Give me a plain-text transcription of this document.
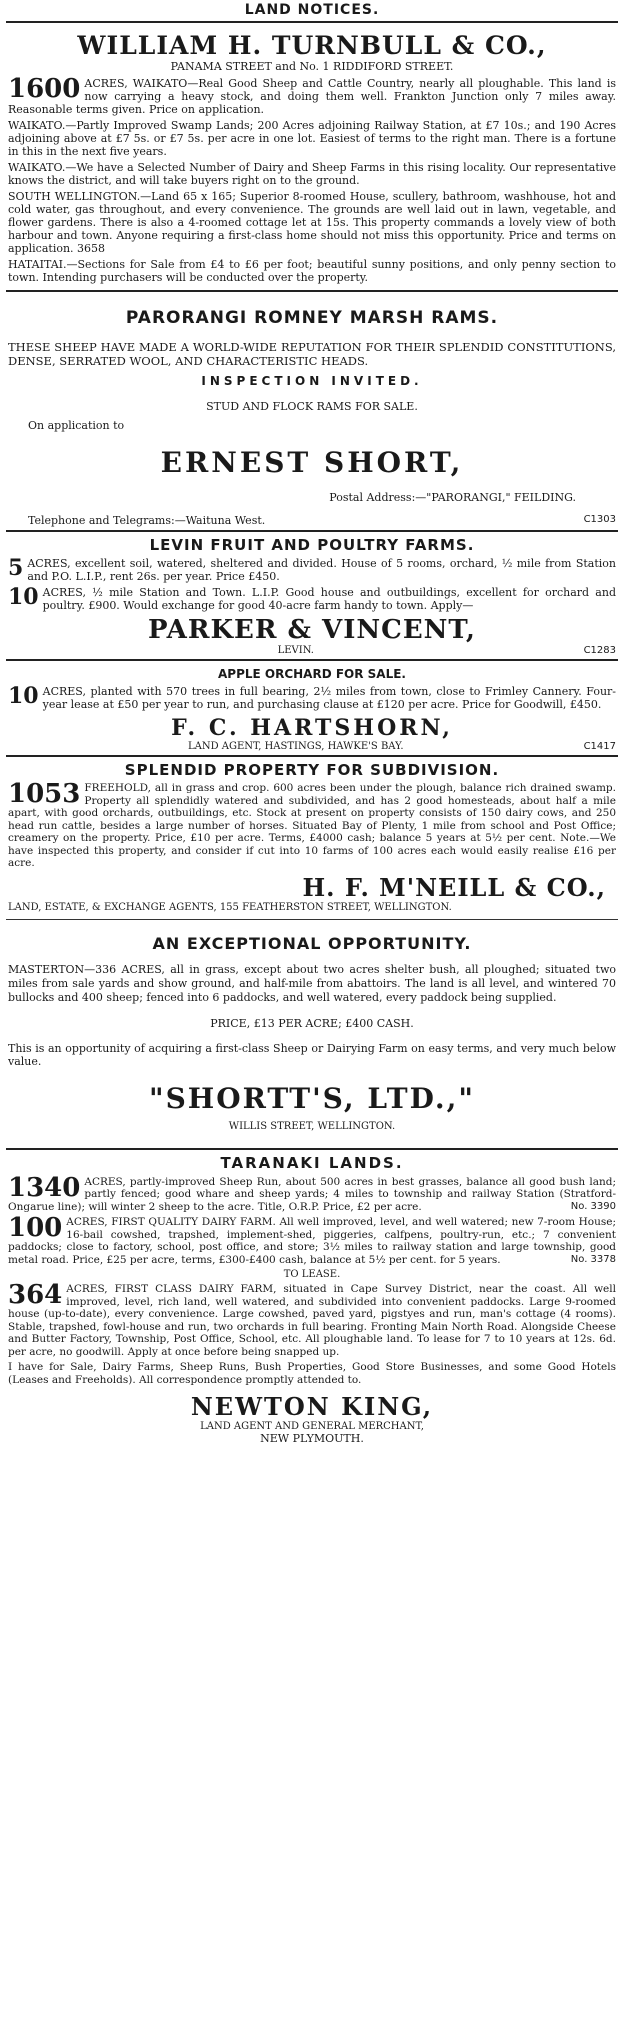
LAND NOTICES.
WILLIAM H. TURNBULL & CO.,
PANAMA STREET and No. 1 RIDDIFORD STREET.
1600 ACRES, WAIKATO—Real Good Sheep and Cattle Country, nearly all ploughable. This land is now carrying a heavy stock, and doing them well. Frankton Junction only 7 miles away. Reasonable terms given. Price on application.
WAIKATO.—Partly Improved Swamp Lands; 200 Acres adjoining Railway Station, at £7 10s.; and 190 Acres adjoining above at £7 5s. or £7 5s. per acre in one lot. Easiest of terms to the right man. There is a fortune in this in the next five years.
WAIKATO.—We have a Selected Number of Dairy and Sheep Farms in this rising locality. Our representative knows the district, and will take buyers right on to the ground.
SOUTH WELLINGTON.—Land 65 x 165; Superior 8-roomed House, scullery, bathroom, washhouse, hot and cold water, gas throughout, and every convenience. The grounds are well laid out in lawn, vegetable, and flower gardens. There is also a 4-roomed cottage let at 15s. This property commands a lovely view of both harbour and town. Anyone requiring a first-class home should not miss this opportunity. Price and terms on application. 3658
HATAITAI.—Sections for Sale from £4 to £6 per foot; beautiful sunny positions, and only penny section to town. Intending purchasers will be conducted over the property.
PARORANGI ROMNEY MARSH RAMS.
THESE SHEEP HAVE MADE A WORLD-WIDE REPUTATION FOR THEIR SPLENDID CONSTITUTIONS, DENSE, SERRATED WOOL, AND CHARACTERISTIC HEADS.
INSPECTION INVITED.
STUD AND FLOCK RAMS FOR SALE.
On application to
ERNEST SHORT,
Postal Address:—"PARORANGI," FEILDING.
Telephone and Telegrams:—Waituna West.	C1303
LEVIN FRUIT AND POULTRY FARMS.
5 ACRES, excellent soil, watered, sheltered and divided. House of 5 rooms, orchard, ½ mile from Station and P.O. L.I.P., rent 26s. per year. Price £450.
10 ACRES, ½ mile Station and Town. L.I.P. Good house and outbuildings, excellent for orchard and poultry. £900. Would exchange for good 40-acre farm handy to town. Apply—
PARKER & VINCENT,
LEVIN.	C1283
APPLE ORCHARD FOR SALE.
10 ACRES, planted with 570 trees in full bearing, 2½ miles from town, close to Frimley Cannery. Four-year lease at £50 per year to run, and purchasing clause at £120 per acre. Price for Goodwill, £450.
F. C. HARTSHORN,
LAND AGENT, HASTINGS, HAWKE'S BAY.	C1417
SPLENDID PROPERTY FOR SUBDIVISION.
1053 FREEHOLD, all in grass and crop. 600 acres been under the plough, balance rich drained swamp. Property all splendidly watered and subdivided, and has 2 good homesteads, about half a mile apart, with good orchards, outbuildings, etc. Stock at present on property consists of 150 dairy cows, and 250 head run cattle, besides a large number of horses. Situated Bay of Plenty, 1 mile from school and Post Office; creamery on the property. Price, £10 per acre. Terms, £4000 cash; balance 5 years at 5½ per cent. Note.—We have inspected this property, and consider if cut into 10 farms of 100 acres each would easily realise £16 per acre.
H. F. M'NEILL & CO.,
LAND, ESTATE, & EXCHANGE AGENTS, 155 FEATHERSTON STREET, WELLINGTON.
AN EXCEPTIONAL OPPORTUNITY.
MASTERTON—336 ACRES, all in grass, except about two acres shelter bush, all ploughed; situated two miles from sale yards and show ground, and half-mile from abattoirs. The land is all level, and wintered 70 bullocks and 400 sheep; fenced into 6 paddocks, and well watered, every paddock being supplied.
PRICE, £13 PER ACRE; £400 CASH.
This is an opportunity of acquiring a first-class Sheep or Dairying Farm on easy terms, and very much below value.
"SHORTT'S, LTD.,"
WILLIS STREET, WELLINGTON.
TARANAKI LANDS.
1340 ACRES, partly-improved Sheep Run, about 500 acres in best grasses, balance all good bush land; partly fenced; good whare and sheep yards; 4 miles to township and railway Station (Stratford-Ongarue line); will winter 2 sheep to the acre. Title, O.R.P. Price, £2 per acre.	No. 3390
100 ACRES, FIRST QUALITY DAIRY FARM. All well improved, level, and well watered; new 7-room House; 16-bail cowshed, trapshed, implement-shed, piggeries, calfpens, poultry-run, etc.; 7 convenient paddocks; close to factory, school, post office, and store; 3½ miles to railway station and large township, good metal road. Price, £25 per acre, terms, £300-£400 cash, balance at 5½ per cent. for 5 years.	No. 3378
TO LEASE.
364 ACRES, FIRST CLASS DAIRY FARM, situated in Cape Survey District, near the coast. All well improved, level, rich land, well watered, and subdivided into convenient paddocks. Large 9-roomed house (up-to-date), every convenience. Large cowshed, paved yard, pigstyes and run, man's cottage (4 rooms). Stable, trapshed, fowl-house and run, two orchards in full bearing. Fronting Main North Road. Alongside Cheese and Butter Factory, Township, Post Office, School, etc. All ploughable land. To lease for 7 to 10 years at 12s. 6d. per acre, no goodwill. Apply at once before being snapped up.
I have for Sale, Dairy Farms, Sheep Runs, Bush Properties, Good Store Businesses, and some Good Hotels (Leases and Freeholds). All correspondence promptly attended to.
NEWTON KING,
LAND AGENT AND GENERAL MERCHANT,
NEW PLYMOUTH.
